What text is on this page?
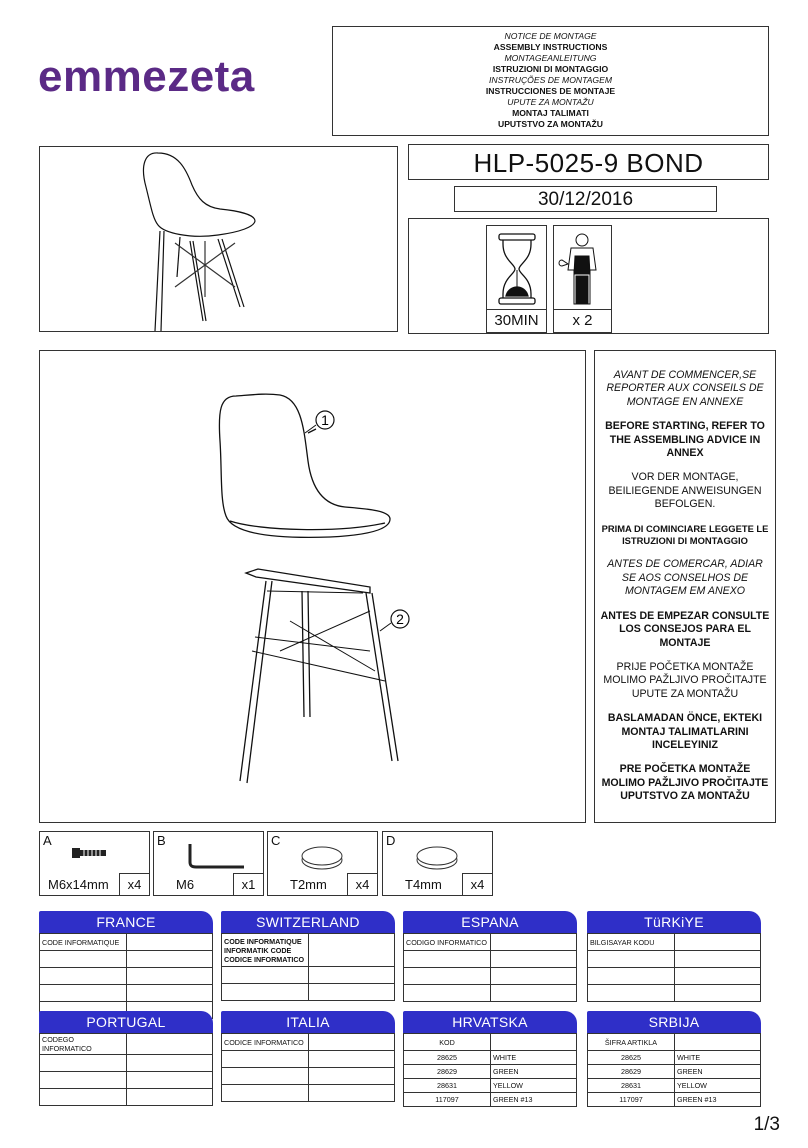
emmezeta
NOTICE DE MONTAGE
ASSEMBLY INSTRUCTIONS
MONTAGEANLEITUNG
ISTRUZIONI DI MONTAGGIO
INSTRUÇÕES DE MONTAGEM
INSTRUCCIONES DE MONTAJE
UPUTE ZA MONTAŽU
MONTAJ TALIMATI
UPUTSTVO ZA MONTAŽU
HLP-5025-9 BOND
30/12/2016
30MIN	x 2
1
2
AVANT DE COMMENCER,SE REPORTER AUX CONSEILS DE MONTAGE EN ANNEXE
BEFORE STARTING, REFER TO THE ASSEMBLING ADVICE IN ANNEX
VOR DER MONTAGE, BEILIEGENDE ANWEISUNGEN BEFOLGEN.
PRIMA DI COMINCIARE LEGGETE LE ISTRUZIONI DI MONTAGGIO
ANTES DE COMERCAR, ADIAR SE AOS CONSELHOS DE MONTAGEM EM ANEXO
ANTES DE EMPEZAR CONSULTE LOS CONSEJOS PARA EL MONTAJE
PRIJE POČETKA MONTAŽE MOLIMO PAŽLJIVO PROČITAJTE UPUTE ZA MONTAŽU
BASLAMADAN ÖNCE, EKTEKI MONTAJ TALIMATLARINI INCELEYINIZ
PRE POČETKA MONTAŽE MOLIMO PAŽLJIVO PROČITAJTE UPUTSTVO ZA MONTAŽU
A
M6x14mm	x4
B
M6	x1
C
T2mm	x4
D
T4mm	x4
FRANCE
CODE INFORMATIQUE	

SWITZERLAND
CODE INFORMATIQUE
INFORMATIK CODE
CODICE INFORMATICO	

ESPANA
CODIGO INFORMATICO	

TüRKiYE
BILGISAYAR KODU	

PORTUGAL
CODEGO INFORMATICO	

ITALIA
CODICE INFORMATICO	

HRVATSKA
KOD	
28625	WHITE
28629	GREEN
28631	YELLOW
117097	GREEN #13
SRBIJA
ŠIFRA ARTIKLA	
28625	WHITE
28629	GREEN
28631	YELLOW
117097	GREEN #13
1/3
